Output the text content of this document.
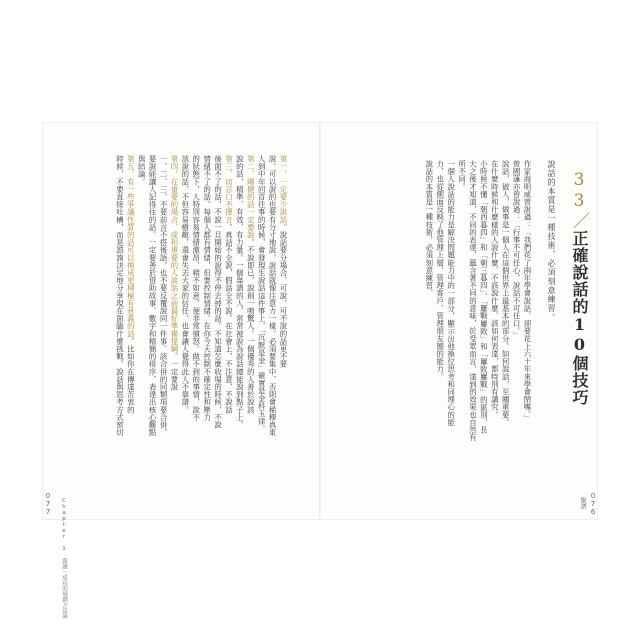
33／正確說話的10個技巧
說話的本質是一種技術，必須刻意練習。
作家海明威曾說過：「我們花了兩年學會說話，卻要花上六十年來學會閉嘴。」
曾國藩亦曾說過：「行事不可任心，說話不可任口。」
說話，做人，做事是一個人在這個世界上最基本的部分。如何說話，至關重要。
在什麼時候和什麼樣的人說什麼、不該說什麼、該如何表達，都特別有講究。
小時候不懂「朝西暮四」和「朝三暮四」、「屢戰屢敗」和「屢敗屢戰」的區別，長
大之後才知道，不同的表達，蘊含著不同的意味，於受眾而言，達到的效果也自然有
所不同。
一個人說話的能力是解決問題能力中的一部分，顯示出他換位思考和同理心的能
力，也從側面反映了他管理上層、管理客戶、管理朋友圈的能力。
說話的本質是一種技術，必須刻意練習。
076
聚譜
第一，一定要少說話。說話要分場合，可說，可不說的話更不要
說。可以說的也要有分寸地說，說話就像注意力一樣，必須要集中，否則會稀釋真東
人到中年回首往事的時候，會發現生說話這件事上，「沉默是金」確實是金科玉律。
第二，剛健的話一定要說。不說即已，說則一鳴驚人。一個優秀的人善於說該
說的話，精準、有效、有力量。一個靠譜的人，常常被說為說話總能說到點子上。
第三，切忌口不擇言。真話不全說，假話全不說。在社會上，不注意，不說話
後面不了的話，不說一旦開始的說得不停去掉的話。不知道怎麼收場的時候，不說
情緒不了的話。每個人都有情緒，但要控制情緒。在你今天控制不確定性和壓力
的狀態下，人特別容易情緒激昂，稍不如意，便非常憤怒。做不到的事情，說不
該說的話，不但容易樹敵，還會失去大家的信任，也會讓人覺得此人不靠譜。
第四，在重要的場合、或和重要的人談話之前最好準備提綱。一定要說
一、二、三，不要前言不搭後語，也不要反覆說同一件事。該合併的同類項要合併，
要說能讓人記得住的話。一定要善於借助故事、數字和精簡的排序，表達出核心觀點
與結論。
第五，有一些爭議性質的話可以換成更積極有意義的話。比如你在傳達苦衷的
時候，不要直接吐槽，而是諮詢決定地分享現在面臨什麼挑戰。說話與思考方式密切
077 Chapter 1 我讀｜成功的規劃方法論
